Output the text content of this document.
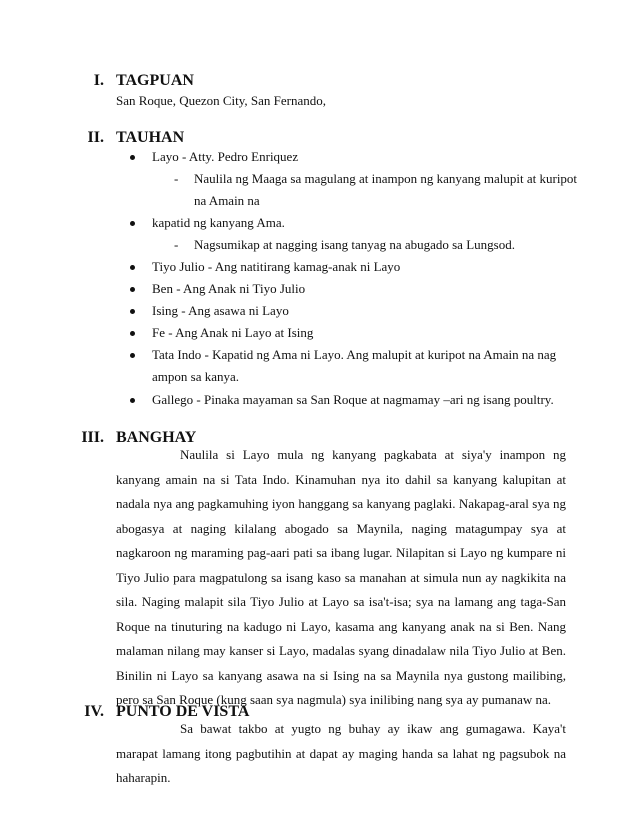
I. TAGPUAN
San Roque, Quezon City, San Fernando,
II. TAUHAN
Layo - Atty. Pedro Enriquez
- Naulila ng Maaga sa magulang at inampon ng kanyang malupit at kuripot
na Amain na
kapatid ng kanyang Ama.
- Nagsumikap at nagging isang tanyag na abugado sa Lungsod.
Tiyo Julio - Ang natitirang kamag-anak ni Layo
Ben - Ang Anak ni Tiyo Julio
Ising - Ang asawa ni Layo
Fe - Ang Anak ni Layo at Ising
Tata Indo - Kapatid ng Ama ni Layo. Ang malupit at kuripot na Amain na nag
ampon sa kanya.
Gallego - Pinaka mayaman sa San Roque at nagmamay –ari ng isang poultry.
III. BANGHAY

Naulila si Layo mula ng kanyang pagkabata at siya'y inampon ng kanyang amain na si Tata Indo. Kinamuhan nya ito dahil sa kanyang kalupitan at nadala nya ang pagkamuhing iyon hanggang sa kanyang paglaki. Nakapag-aral sya ng abogasya at naging kilalang abogado sa Maynila, naging matagumpay sya at nagkaroon ng maraming pag-aari pati sa ibang lugar. Nilapitan si Layo ng kumpare ni Tiyo Julio para magpatulong sa isang kaso sa manahan at simula nun ay nagkikita na sila. Naging malapit sila Tiyo Julio at Layo sa isa't-isa; sya na lamang ang taga-San Roque na tinuturing na kadugo ni Layo, kasama ang kanyang anak na si Ben. Nang malaman nilang may kanser si Layo, madalas syang dinadalaw nila Tiyo Julio at Ben. Binilin ni Layo sa kanyang asawa na si Ising na sa Maynila nya gustong mailibing, pero sa San Roque (kung saan sya nagmula) sya inilibing nang sya ay pumanaw na.

IV. PUNTO DE VISTA

Sa bawat takbo at yugto ng buhay ay ikaw ang gumagawa. Kaya't marapat lamang itong pagbutihin at dapat ay maging handa sa lahat ng pagsubok na haharapin.
